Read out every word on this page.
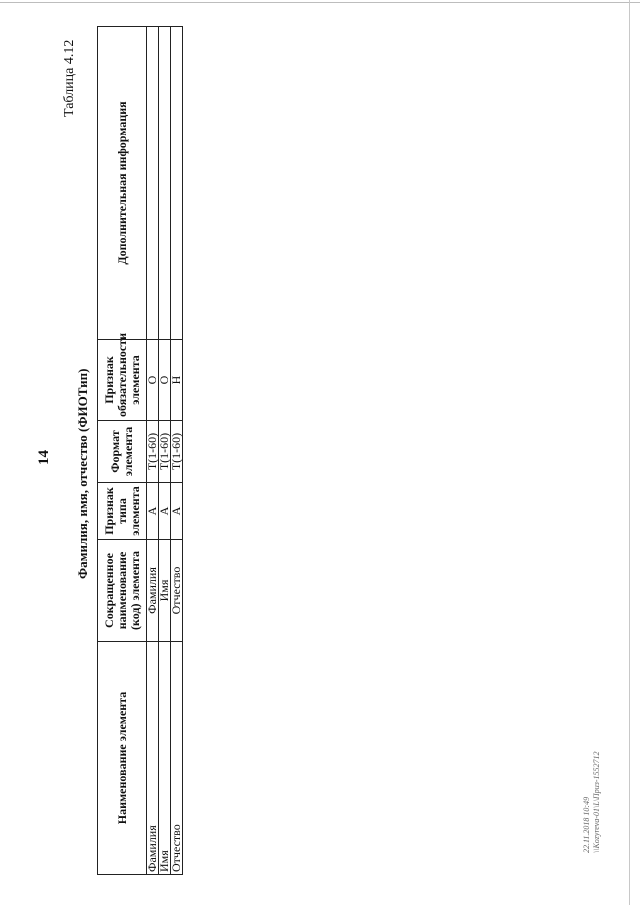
14
Таблица 4.12
Фамилия, имя, отчество (ФИОТип)
Наименование элемента	Сокращенное наименование (код) элемента	Признак типа элемента	Формат элемента	Признак обязательности элемента	Дополнительная информация
Фамилия	Фамилия	A	T(1-60)	O	
Имя	Имя	A	T(1-60)	O	
Отчество	Отчество	A	T(1-60)	H	
22.11.2018 10:49 \\Kozyreva-01\L\Приз-1552712
